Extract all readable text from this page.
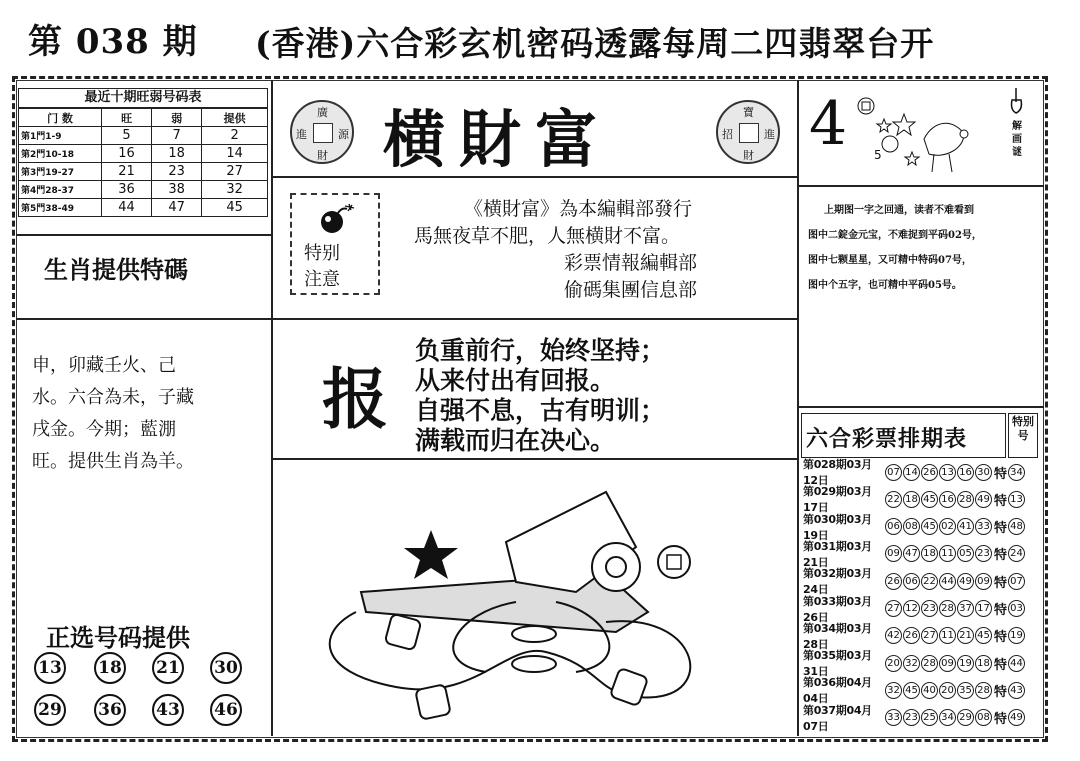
第 038 期 (香港)六合彩玄机密码透露每周二四翡翠台开
最近十期旺弱号码表
门 数	旺	弱	提供
第1門1-9	5	7	2
第2門10-18	16	18	14
第3門19-27	21	23	27
第4門28-37	36	38	32
第5門38-49	44	47	45
生肖提供特碼
申，卯藏壬火、己
水。六合為未，子藏
戌金。今期；藍淜
旺。提供生肖為羊。
正选号码提供
13 18 21 30
29 36 43 46
廣
進	源
財 横財富	寶
招	進
財
特别
注意
《横財富》為本編輯部發行
馬無夜草不肥，人無横財不富。
彩票情報編輯部
偷碼集團信息部
报
负重前行，始终坚持；
从来付出有回报。
自强不息，古有明训；
满载而归在决心。
4 5
解画谜
上期图一字之回通，读者不难看到
图中二錠金元宝，不难捉到平码02号，
图中七颗星星，又可精中特码07号，
图中个五字，也可精中平码05号。
六合彩票排期表
特别号
第028期03月12日
07 14 26 13 16 30 特 34
第029期03月17日
22 18 45 16 28 49 特 13
第030期03月19日
06 08 45 02 41 33 特 48
第031期03月21日
09 47 18 11 05 23 特 24
第032期03月24日
26 06 22 44 49 09 特 07
第033期03月26日
27 12 23 28 37 17 特 03
第034期03月28日
42 26 27 11 21 45 特 19
第035期03月31日
20 32 28 09 19 18 特 44
第036期04月04日
32 45 40 20 35 28 特 43
第037期04月07日
33 23 25 34 29 08 特 49
